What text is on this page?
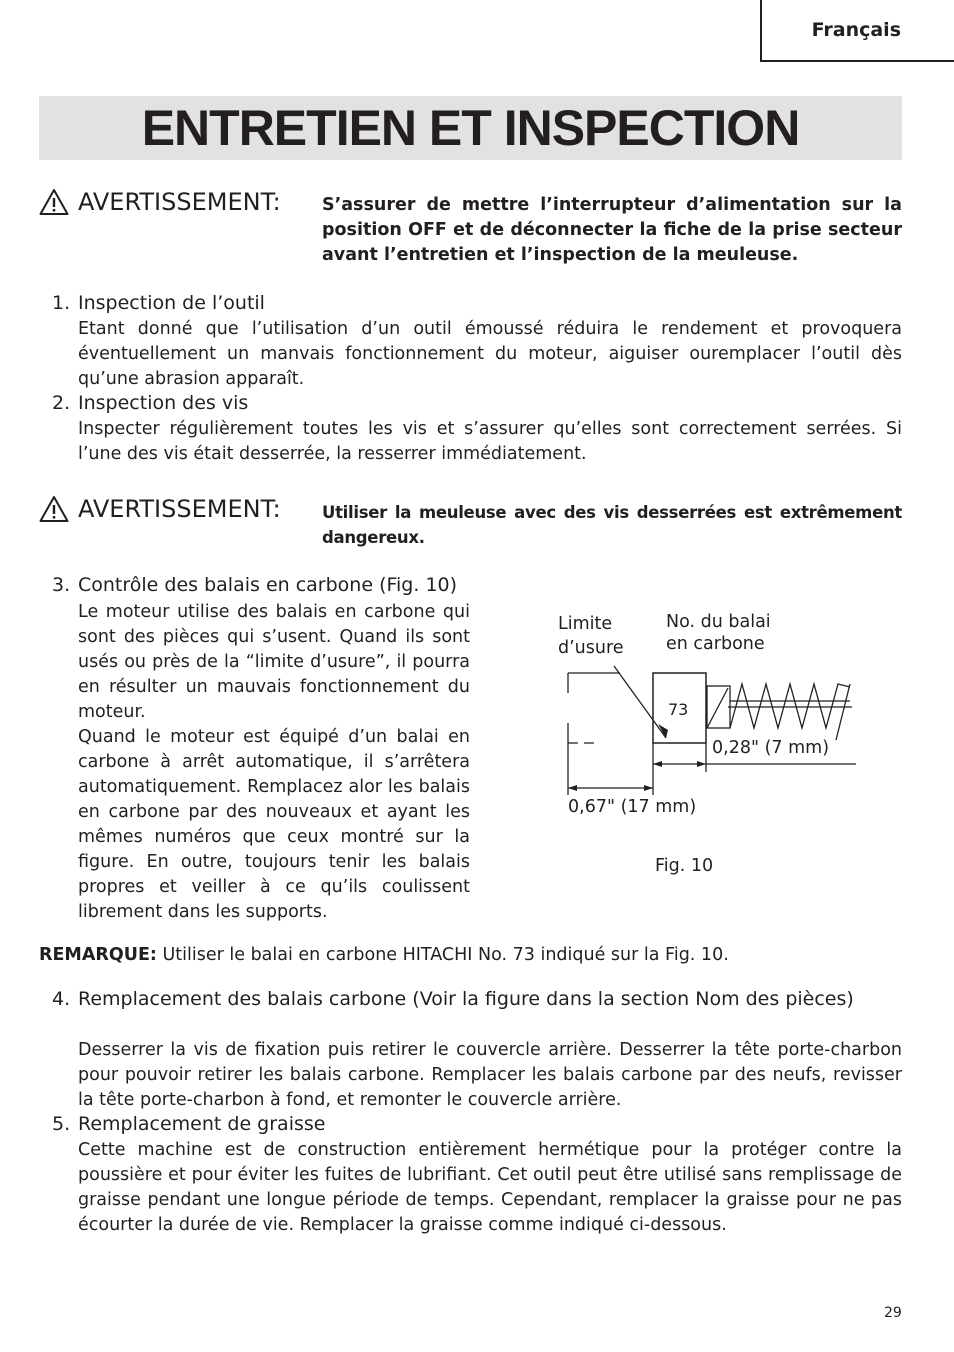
Français
ENTRETIEN ET INSPECTION
AVERTISSEMENT: S’assurer de mettre l’interrupteur d’alimentation sur la position OFF et de déconnecter la fiche de la prise secteur avant l’entretien et l’inspection de la meuleuse.
1. Inspection de l’outil
Etant donné que l’utilisation d’un outil émoussé réduira le rendement et provoquera éventuellement un manvais fonctionnement du moteur, aiguiser ouremplacer l’outil dès qu’une abrasion apparaît.
2. Inspection des vis
Inspecter régulièrement toutes les vis et s’assurer qu’elles sont correctement serrées. Si l’une des vis était desserrée, la resserrer immédiatement.
AVERTISSEMENT:	Utiliser la meuleuse avec des vis desserrées est extrêmement dangereux.
3. Contrôle des balais en carbone (Fig. 10)
Le moteur utilise des balais en carbone qui sont des pièces qui s’usent. Quand ils sont usés ou près de la “limite d’usure”, il pourra en résulter un mauvais fonctionnement du moteur.
Quand le moteur est équipé d’un balai en carbone à arrêt automatique, il s’arrêtera automatiquement. Remplacez alor les balais en carbone par des nouveaux et ayant les mêmes numéros que ceux montré sur la figure. En outre, toujours tenir les balais propres et veiller à ce qu’ils coulissent librement dans les supports.
Limite
d’usure
No. du balai
en carbone
73
0,28" (7 mm)
0,67" (17 mm)
Fig. 10
REMARQUE: Utiliser le balai en carbone HITACHI No. 73 indiqué sur la Fig. 10.
4. Remplacement des balais carbone (Voir la figure dans la section Nom des pièces)
Desserrer la vis de fixation puis retirer le couvercle arrière. Desserrer la tête porte-charbon pour pouvoir retirer les balais carbone. Remplacer les balais carbone par des neufs, revisser la tête porte-charbon à fond, et remonter le couvercle arrière.
5. Remplacement de graisse
Cette machine est de construction entièrement hermétique pour la protéger contre la poussière et pour éviter les fuites de lubrifiant. Cet outil peut être utilisé sans remplissage de graisse pendant une longue période de temps. Cependant, remplacer la graisse pour ne pas écourter la durée de vie. Remplacer la graisse comme indiqué ci-dessous.
29
